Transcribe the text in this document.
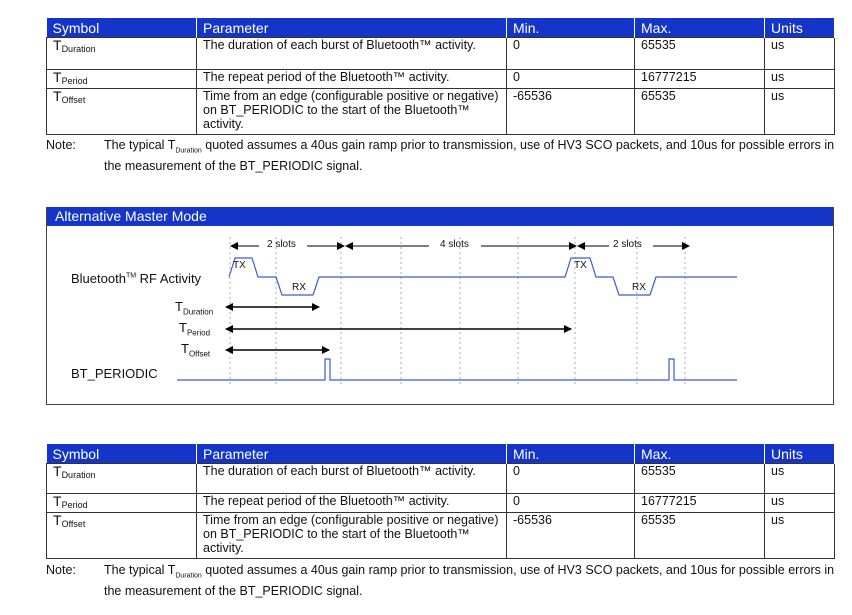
Symbol	Parameter	Min.	Max.	Units
$T_{Duration}$	The duration of each burst of Bluetooth™ activity.	0	65535	us
$T_{Period}$	The repeat period of the Bluetooth™ activity.	0	16777215	us
$T_{Offset}$	Time from an edge (configurable positive or negative) on BT_PERIODIC to the start of the Bluetooth™ activity.	-65536	65535	us
Note: The typical $T_{Duration}$ quoted assumes a 40us gain ramp prior to transmission, use of HV3 SCO packets, and 10us for possible errors in the measurement of the BT_PERIODIC signal.
Alternative Master Mode
2 slots	4 slots	2 slots
TX
RX
TX
RX
Bluetooth™ RF Activity
$T_{Duration}$
$T_{Period}$
$T_{Offset}$
BT_PERIODIC
Symbol	Parameter	Min.	Max.	Units
$T_{Duration}$	The duration of each burst of Bluetooth™ activity.	0	65535	us
$T_{Period}$	The repeat period of the Bluetooth™ activity.	0	16777215	us
$T_{Offset}$	Time from an edge (configurable positive or negative) on BT_PERIODIC to the start of the Bluetooth™ activity.	-65536	65535	us
Note: The typical $T_{Duration}$ quoted assumes a 40us gain ramp prior to transmission, use of HV3 SCO packets, and 10us for possible errors in the measurement of the BT_PERIODIC signal.
